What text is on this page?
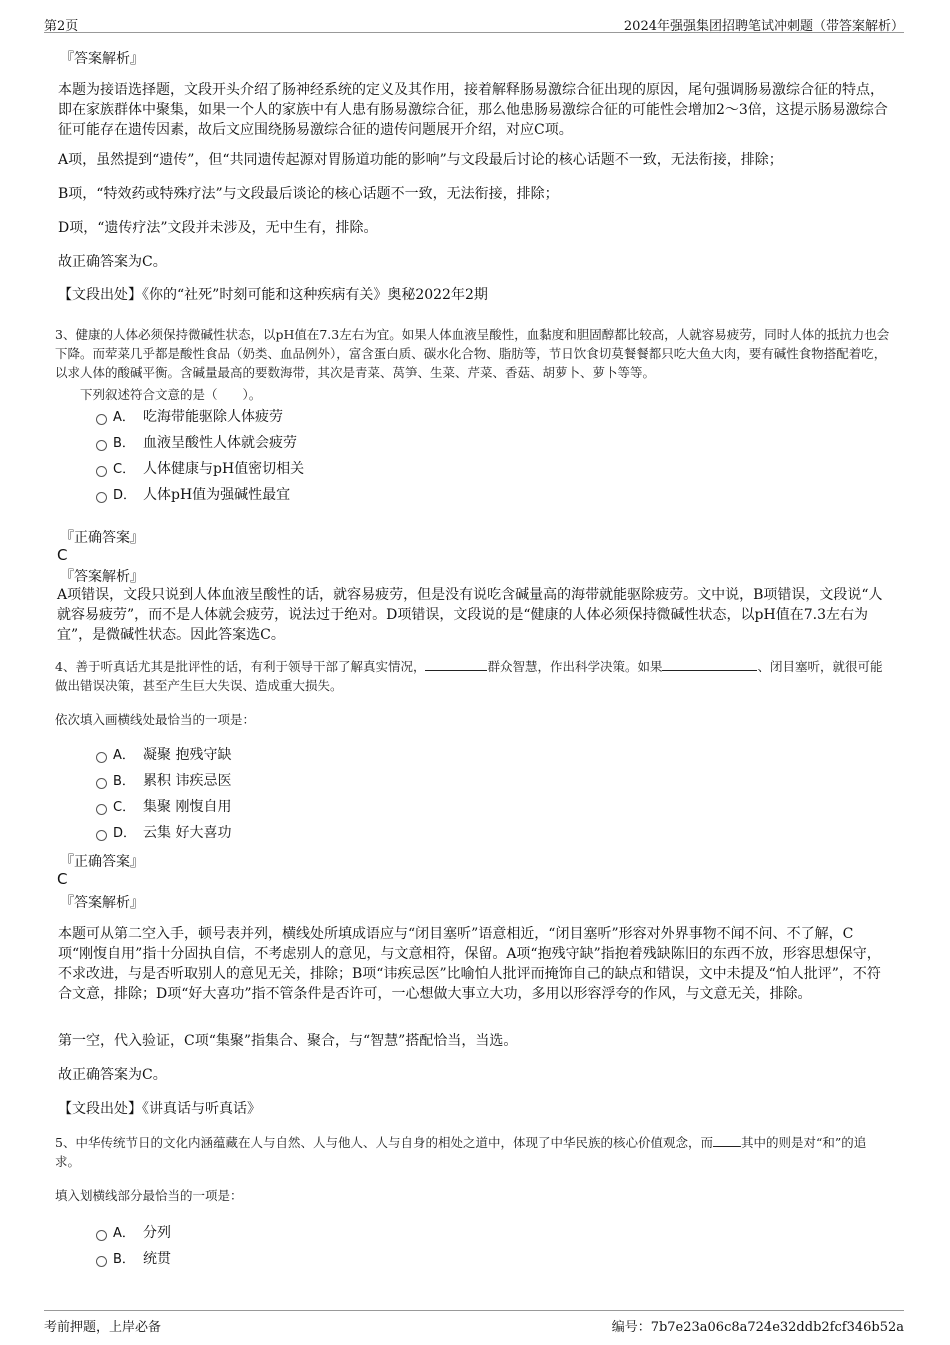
第2页	2024年强强集团招聘笔试冲刺题（带答案解析）
『答案解析』

本题为接语选择题，文段开头介绍了肠神经系统的定义及其作用，接着解释肠易激综合征出现的原因，尾句强调肠易激综合征的特点，即在家族群体中聚集，如果一个人的家族中有人患有肠易激综合征，那么他患肠易激综合征的可能性会增加2～3倍，这提示肠易激综合征可能存在遗传因素，故后文应围绕肠易激综合征的遗传问题展开介绍，对应C项。

A项，虽然提到“遗传”，但“共同遗传起源对胃肠道功能的影响”与文段最后讨论的核心话题不一致，无法衔接，排除；

B项，“特效药或特殊疗法”与文段最后谈论的核心话题不一致，无法衔接，排除；

D项，“遗传疗法”文段并未涉及，无中生有，排除。

故正确答案为C。

【文段出处】《你的“社死”时刻可能和这种疾病有关》奥秘2022年2期

3、健康的人体必须保持微碱性状态，以pH值在7.3左右为宜。如果人体血液呈酸性，血黏度和胆固醇都比较高，人就容易疲劳，同时人体的抵抗力也会下降。而荤菜几乎都是酸性食品（奶类、血品例外），富含蛋白质、碳水化合物、脂肪等，节日饮食切莫餐餐都只吃大鱼大肉，要有碱性食物搭配着吃，以求人体的酸碱平衡。含碱量最高的要数海带，其次是青菜、莴笋、生菜、芹菜、香菇、胡萝卜、萝卜等等。

下列叙述符合文意的是（　　）。
A． 吃海带能驱除人体疲劳
B． 血液呈酸性人体就会疲劳
C． 人体健康与pH值密切相关
D． 人体pH值为强碱性最宜
『正确答案』
C
『答案解析』

A项错误，文段只说到人体血液呈酸性的话，就容易疲劳，但是没有说吃含碱量高的海带就能驱除疲劳。文中说，B项错误，文段说“人就容易疲劳”，而不是人体就会疲劳，说法过于绝对。D项错误，文段说的是“健康的人体必须保持微碱性状态，以pH值在7.3左右为宜”，是微碱性状态。因此答案选C。

4、善于听真话尤其是批评性的话，有利于领导干部了解真实情况，	群众智慧，作出科学决策。如果	、闭目塞听，就很可能做出错误决策，甚至产生巨大失误、造成重大损失。

依次填入画横线处最恰当的一项是：
A． 凝聚 抱残守缺
B． 累积 讳疾忌医
C． 集聚 刚愎自用
D． 云集 好大喜功
『正确答案』
C
『答案解析』

本题可从第二空入手，顿号表并列，横线处所填成语应与“闭目塞听”语意相近，“闭目塞听”形容对外界事物不闻不问、不了解，C项“刚愎自用”指十分固执自信，不考虑别人的意见，与文意相符，保留。A项“抱残守缺”指抱着残缺陈旧的东西不放，形容思想保守，不求改进，与是否听取别人的意见无关，排除；B项“讳疾忌医”比喻怕人批评而掩饰自己的缺点和错误，文中未提及“怕人批评”，不符合文意，排除；D项“好大喜功”指不管条件是否许可，一心想做大事立大功，多用以形容浮夸的作风，与文意无关，排除。

第一空，代入验证，C项“集聚”指集合、聚合，与“智慧”搭配恰当，当选。

故正确答案为C。

【文段出处】《讲真话与听真话》

5、中华传统节日的文化内涵蕴藏在人与自然、人与他人、人与自身的相处之道中，体现了中华民族的核心价值观念，而 其中的则是对“和”的追求。

填入划横线部分最恰当的一项是：
A． 分列
B． 统贯
考前押题，上岸必备	编号：7b7e23a06c8a724e32ddb2fcf346b52a
